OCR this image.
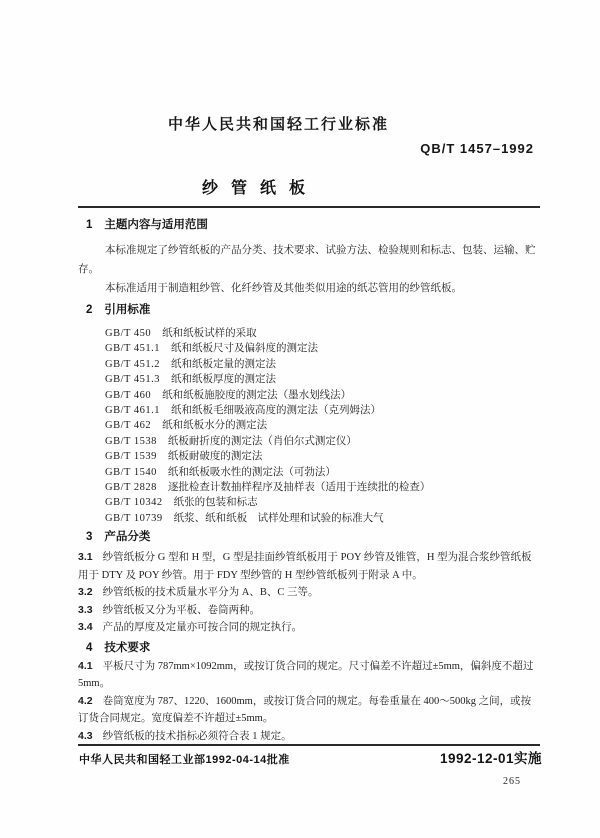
中华人民共和国轻工行业标准
QB/T 1457–1992
纱管纸板
1 主题内容与适用范围

本标准规定了纱管纸板的产品分类、技术要求、试验方法、检验规则和标志、包装、运输、贮存。

本标准适用于制造粗纱管、化纤纱管及其他类似用途的纸芯管用的纱管纸板。

2 引用标准
GB/T 450 纸和纸板试样的采取
GB/T 451.1 纸和纸板尺寸及偏斜度的测定法
GB/T 451.2 纸和纸板定量的测定法
GB/T 451.3 纸和纸板厚度的测定法
GB/T 460 纸和纸板施胶度的测定法（墨水划线法）
GB/T 461.1 纸和纸板毛细吸液高度的测定法（克列姆法）
GB/T 462 纸和纸板水分的测定法
GB/T 1538 纸板耐折度的测定法（肖伯尔式测定仪）
GB/T 1539 纸板耐破度的测定法
GB/T 1540 纸和纸板吸水性的测定法（可勃法）
GB/T 2828 逐批检查计数抽样程序及抽样表（适用于连续批的检查）
GB/T 10342 纸张的包装和标志
GB/T 10739 纸浆、纸和纸板　试样处理和试验的标准大气
3 产品分类

3.1 纱管纸板分 G 型和 H 型，G 型是挂面纱管纸板用于 POY 纱管及锥管，H 型为混合浆纱管纸板用于 DTY 及 POY 纱管。用于 FDY 型纱管的 H 型纱管纸板列于附录 A 中。

3.2 纱管纸板的技术质量水平分为 A、B、C 三等。

3.3 纱管纸板又分为平板、卷筒两种。

3.4 产品的厚度及定量亦可按合同的规定执行。

4 技术要求

4.1 平板尺寸为 787mm×1092mm，或按订货合同的规定。尺寸偏差不许超过±5mm，偏斜度不超过 5mm。

4.2 卷筒宽度为 787、1220、1600mm，或按订货合同的规定。每卷重量在 400～500kg 之间，或按订货合同规定。宽度偏差不许超过±5mm。

4.3 纱管纸板的技术指标必须符合表 1 规定。

中华人民共和国轻工业部1992-04-14批准	1992-12-01实施
265
